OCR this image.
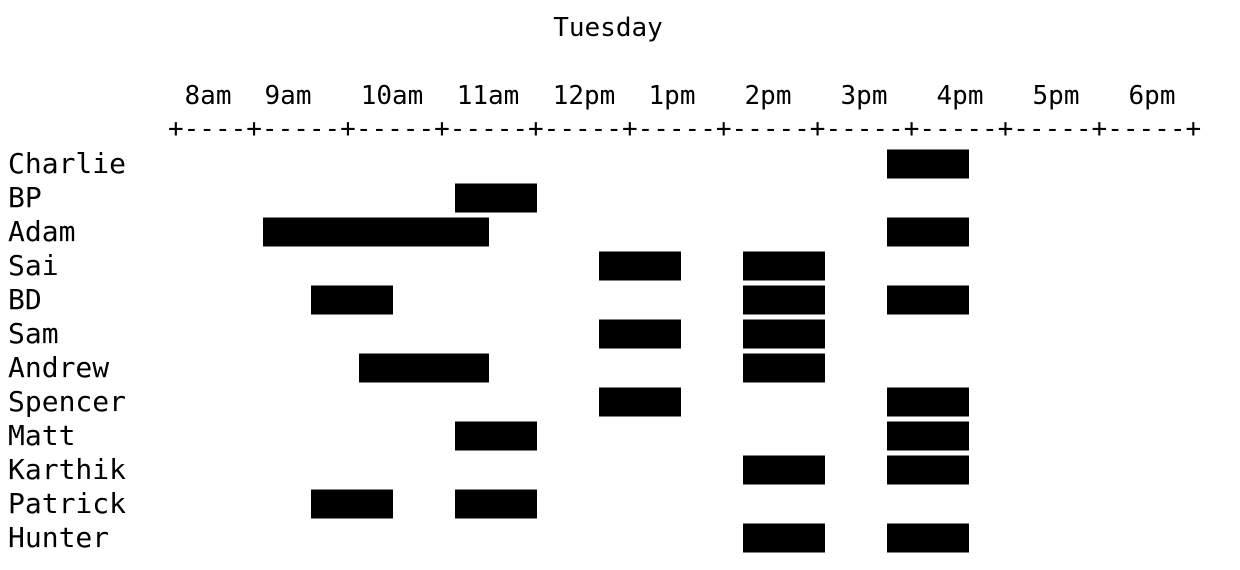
Tuesday
+----+-----+-----+-----+-----+-----+-----+-----+-----+-----+-----+
8am 9am 10am 11am 12pm 1pm 2pm 3pm 4pm 5pm 6pm
Charlie
BP
Adam
Sai
BD
Sam
Andrew
Spencer
Matt
Karthik
Patrick
Hunter
